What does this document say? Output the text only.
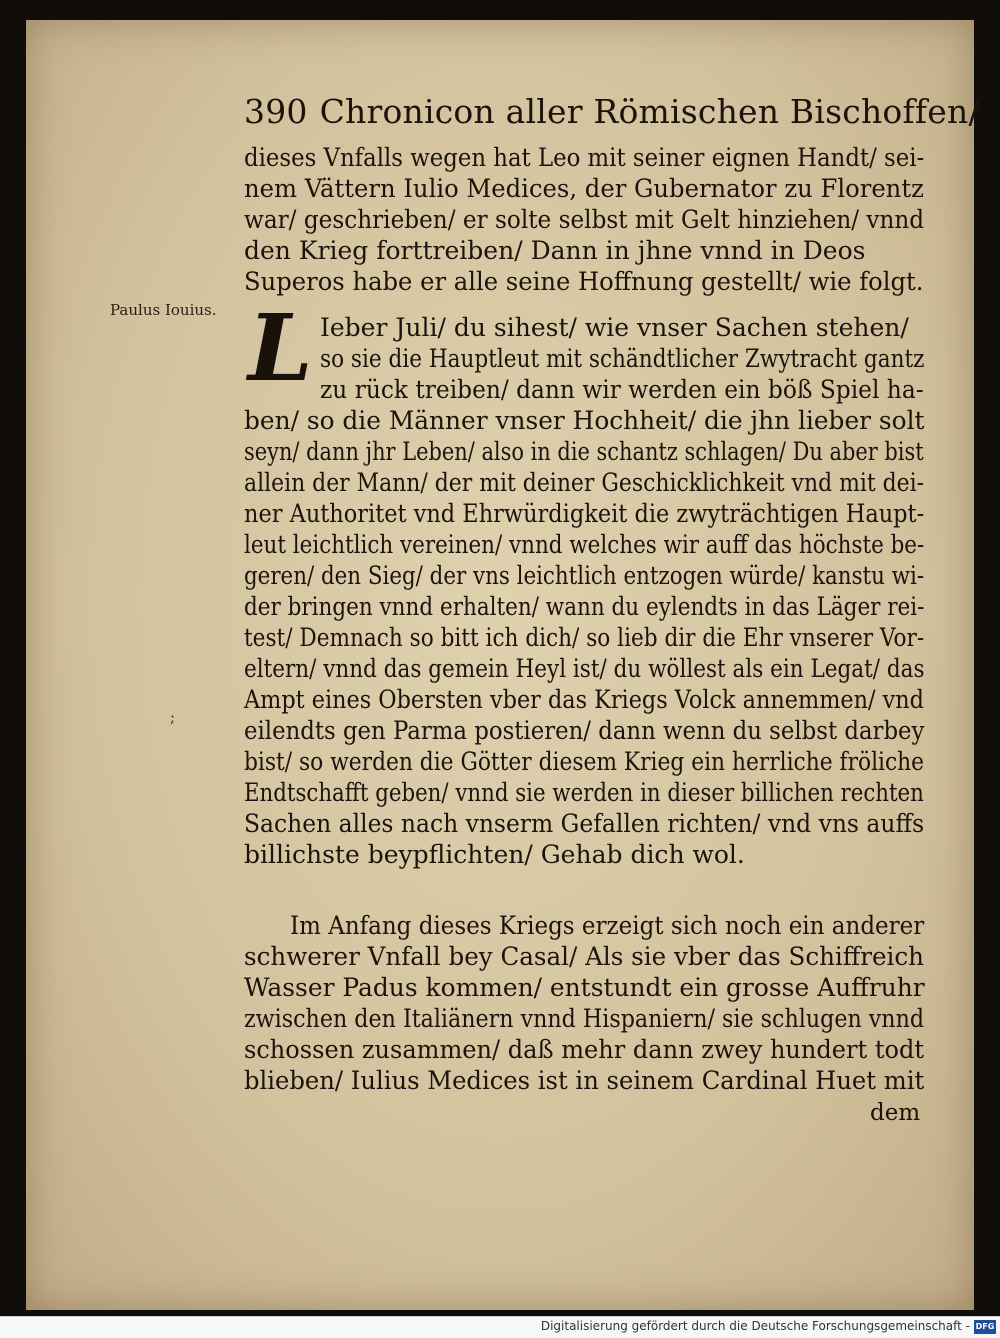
390 Chronicon aller Römischen Bischoffen/
Paulus Iouius.
;
L
dieses Vnfalls wegen hat Leo mit seiner eignen Handt/ sei-
nem Vättern Iulio Medices, der Gubernator zu Florentz
war/ geschrieben/ er solte selbst mit Gelt hinziehen/ vnnd
den Krieg forttreiben/ Dann in jhne vnnd in Deos
Superos habe er alle seine Hoffnung gestellt/ wie folgt.
Ieber Juli/ du sihest/ wie vnser Sachen stehen/
so sie die Hauptleut mit schändtlicher Zwytracht gantz
zu rück treiben/ dann wir werden ein böß Spiel ha-
ben/ so die Männer vnser Hochheit/ die jhn lieber solt
seyn/ dann jhr Leben/ also in die schantz schlagen/ Du aber bist
allein der Mann/ der mit deiner Geschicklichkeit vnd mit dei-
ner Authoritet vnd Ehrwürdigkeit die zwyträchtigen Haupt-
leut leichtlich vereinen/ vnnd welches wir auff das höchste be-
geren/ den Sieg/ der vns leichtlich entzogen würde/ kanstu wi-
der bringen vnnd erhalten/ wann du eylendts in das Läger rei-
test/ Demnach so bitt ich dich/ so lieb dir die Ehr vnserer Vor-
eltern/ vnnd das gemein Heyl ist/ du wöllest als ein Legat/ das
Ampt eines Obersten vber das Kriegs Volck annemmen/ vnd
eilendts gen Parma postieren/ dann wenn du selbst darbey
bist/ so werden die Götter diesem Krieg ein herrliche fröliche
Endtschafft geben/ vnnd sie werden in dieser billichen rechten
Sachen alles nach vnserm Gefallen richten/ vnd vns auffs
billichste beypflichten/ Gehab dich wol.
Im Anfang dieses Kriegs erzeigt sich noch ein anderer
schwerer Vnfall bey Casal/ Als sie vber das Schiffreich
Wasser Padus kommen/ entstundt ein grosse Auffruhr
zwischen den Italiänern vnnd Hispaniern/ sie schlugen vnnd
schossen zusammen/ daß mehr dann zwey hundert todt
blieben/ Iulius Medices ist in seinem Cardinal Huet mit
dem
Digitalisierung gefördert durch die Deutsche Forschungsgemeinschaft - DFG
